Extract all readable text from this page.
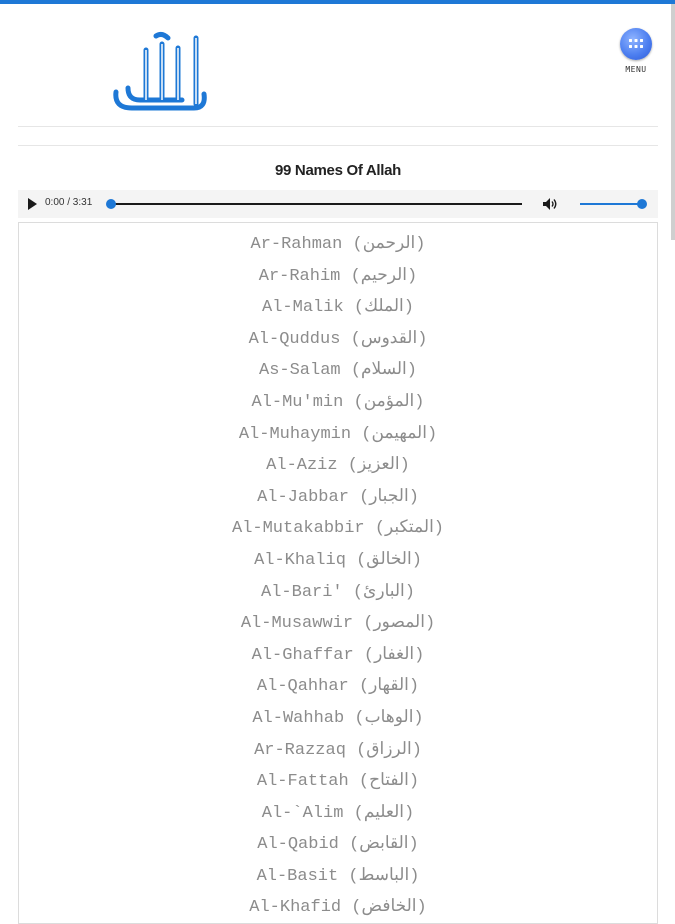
MENU
99 Names Of Allah
0:00 / 3:31
Ar-Rahman (الرحمن)
Ar-Rahim (الرحيم)
Al-Malik (الملك)
Al-Quddus (القدوس)
As-Salam (السلام)
Al-Mu'min (المؤمن)
Al-Muhaymin (المهيمن)
Al-Aziz (العزيز)
Al-Jabbar (الجبار)
Al-Mutakabbir (المتكبر)
Al-Khaliq (الخالق)
Al-Bari' (البارئ)
Al-Musawwir (المصور)
Al-Ghaffar (الغفار)
Al-Qahhar (القهار)
Al-Wahhab (الوهاب)
Ar-Razzaq (الرزاق)
Al-Fattah (الفتاح)
Al-`Alim (العليم)
Al-Qabid (القابض)
Al-Basit (الباسط)
Al-Khafid (الخافض)
